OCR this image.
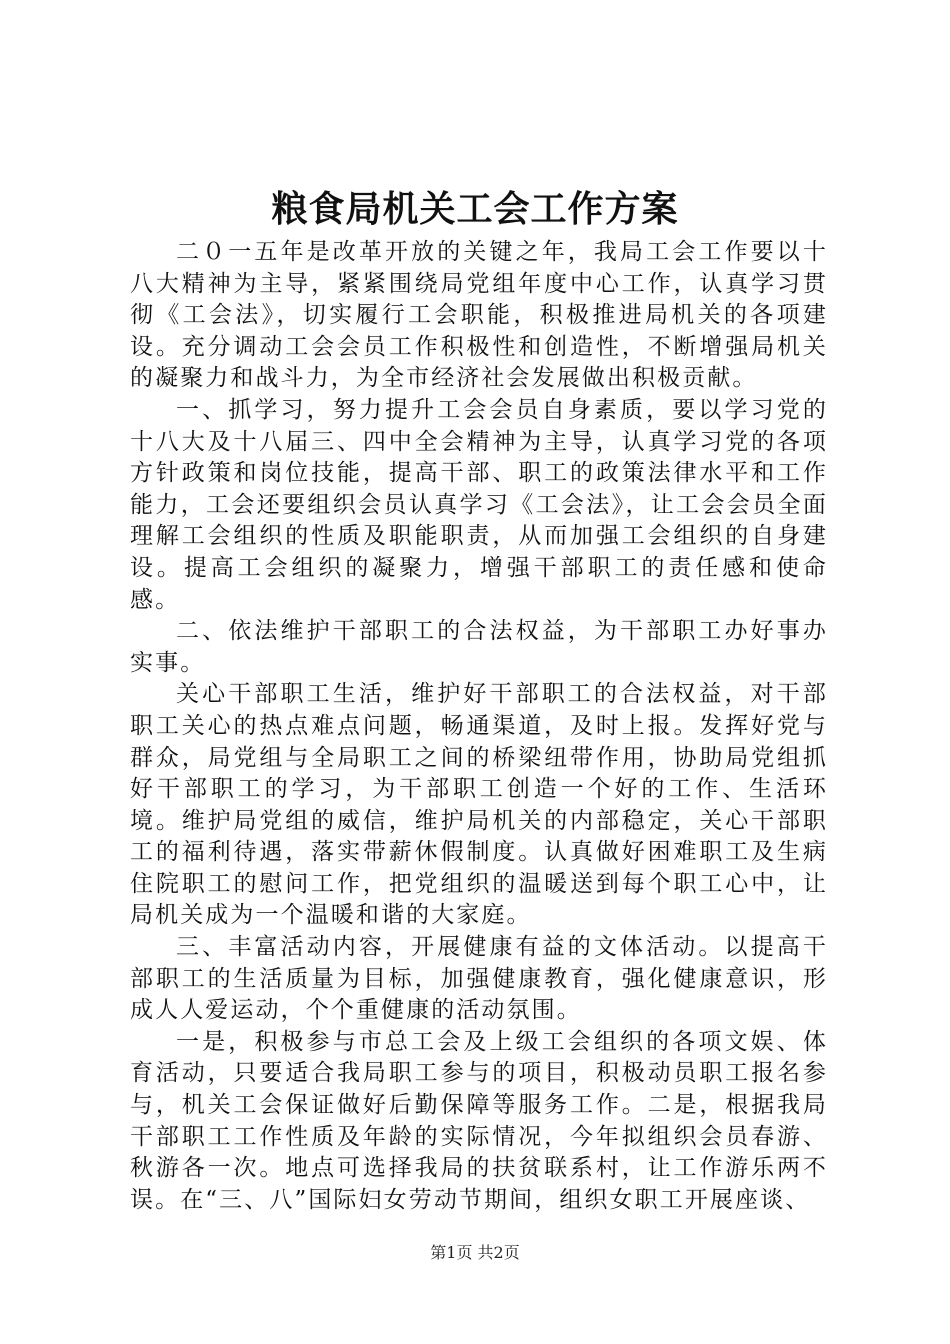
粮食局机关工会工作方案

二０一五年是改革开放的关键之年，我局工会工作要以十八大精神为主导，紧紧围绕局党组年度中心工作，认真学习贯彻《工会法》，切实履行工会职能，积极推进局机关的各项建设。充分调动工会会员工作积极性和创造性，不断增强局机关的凝聚力和战斗力，为全市经济社会发展做出积极贡献。

一、抓学习，努力提升工会会员自身素质，要以学习党的十八大及十八届三、四中全会精神为主导，认真学习党的各项方针政策和岗位技能，提高干部、职工的政策法律水平和工作能力，工会还要组织会员认真学习《工会法》，让工会会员全面理解工会组织的性质及职能职责，从而加强工会组织的自身建设。提高工会组织的凝聚力，增强干部职工的责任感和使命感。

二、依法维护干部职工的合法权益，为干部职工办好事办实事。

关心干部职工生活，维护好干部职工的合法权益，对干部职工关心的热点难点问题，畅通渠道，及时上报。发挥好党与群众，局党组与全局职工之间的桥梁纽带作用，协助局党组抓好干部职工的学习，为干部职工创造一个好的工作、生活环境。维护局党组的威信，维护局机关的内部稳定，关心干部职工的福利待遇，落实带薪休假制度。认真做好困难职工及生病住院职工的慰问工作，把党组织的温暖送到每个职工心中，让局机关成为一个温暖和谐的大家庭。

三、丰富活动内容，开展健康有益的文体活动。以提高干部职工的生活质量为目标，加强健康教育，强化健康意识，形成人人爱运动，个个重健康的活动氛围。

一是，积极参与市总工会及上级工会组织的各项文娱、体育活动，只要适合我局职工参与的项目，积极动员职工报名参与，机关工会保证做好后勤保障等服务工作。二是，根据我局干部职工工作性质及年龄的实际情况，今年拟组织会员春游、秋游各一次。地点可选择我局的扶贫联系村，让工作游乐两不误。在“三、八”国际妇女劳动节期间，组织女职工开展座谈、

第1页 共2页
